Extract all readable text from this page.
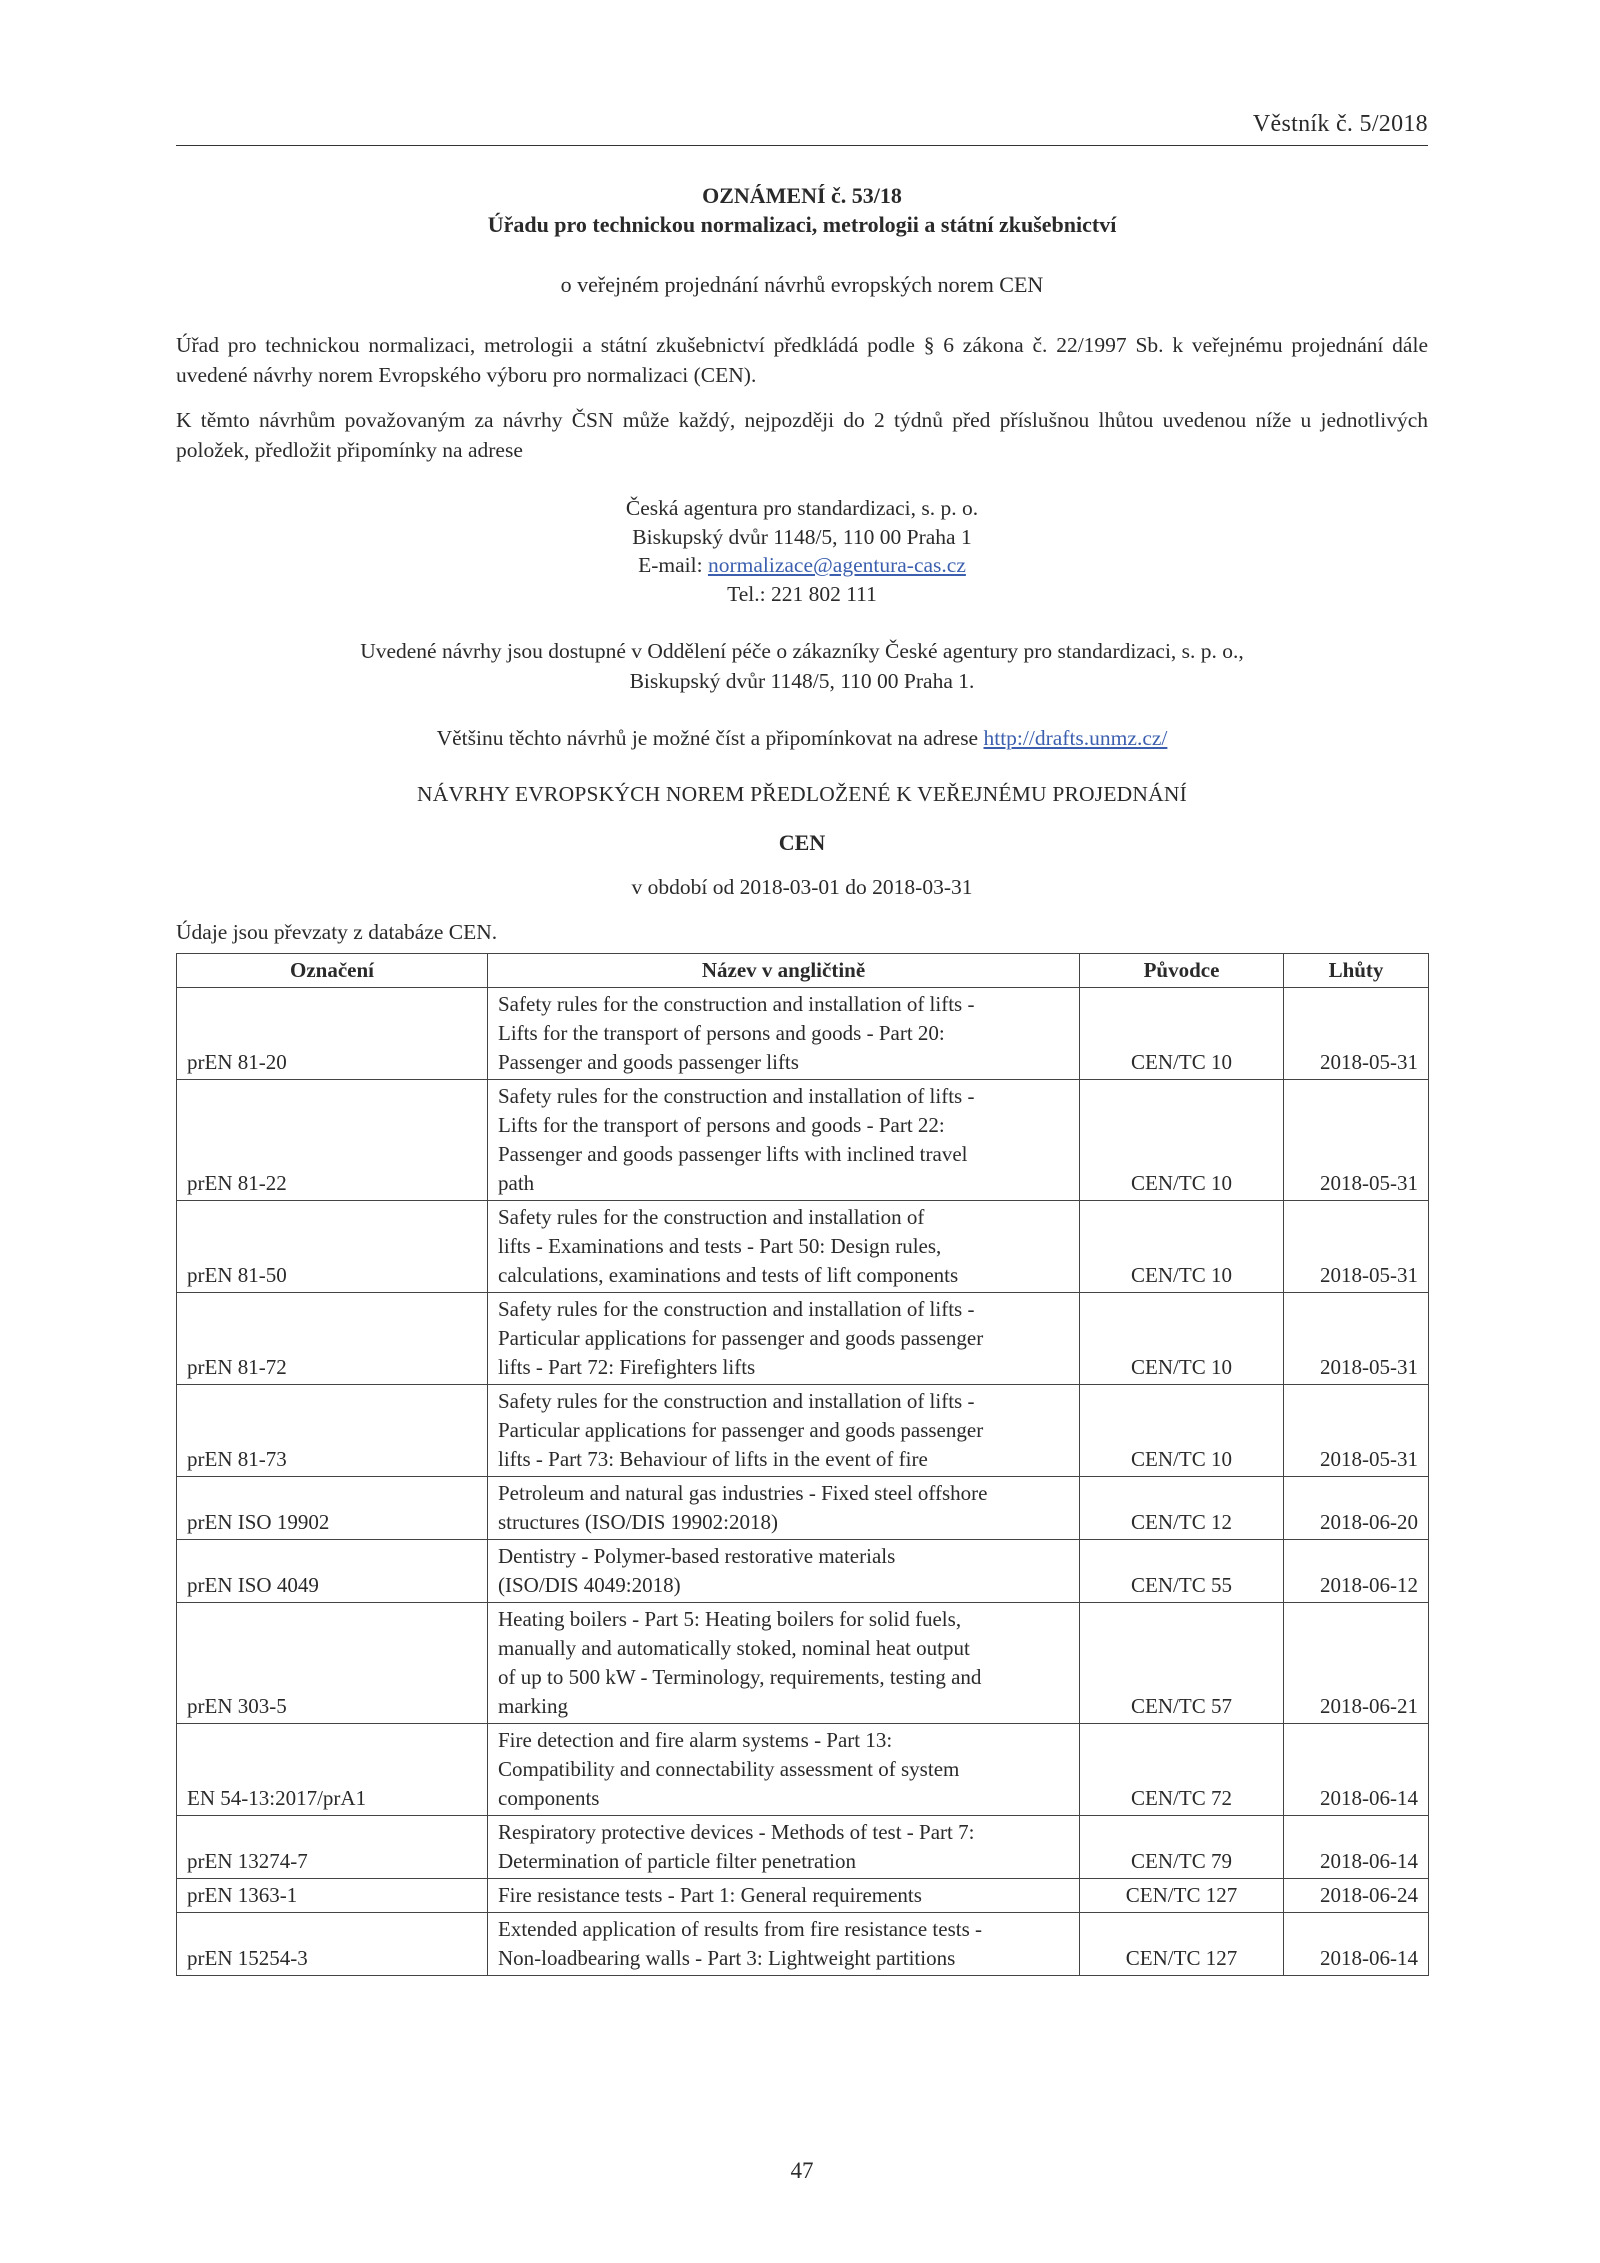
Věstník č. 5/2018
OZNÁMENÍ č. 53/18
Úřadu pro technickou normalizaci, metrologii a státní zkušebnictví
o veřejném projednání návrhů evropských norem CEN
Úřad pro technickou normalizaci, metrologii a státní zkušebnictví předkládá podle § 6 zákona č. 22/1997 Sb. k veřejnému projednání dále uvedené návrhy norem Evropského výboru pro normalizaci (CEN).
K těmto návrhům považovaným za návrhy ČSN může každý, nejpozději do 2 týdnů před příslušnou lhůtou uvedenou níže u jednotlivých položek, předložit připomínky na adrese
Česká agentura pro standardizaci, s. p. o.
Biskupský dvůr 1148/5, 110 00 Praha 1
E-mail: normalizace@agentura-cas.cz
Tel.: 221 802 111
Uvedené návrhy jsou dostupné v Oddělení péče o zákazníky České agentury pro standardizaci, s. p. o.,
Biskupský dvůr 1148/5, 110 00 Praha 1.
Většinu těchto návrhů je možné číst a připomínkovat na adrese http://drafts.unmz.cz/
NÁVRHY EVROPSKÝCH NOREM PŘEDLOŽENÉ K VEŘEJNÉMU PROJEDNÁNÍ
CEN
v období od 2018-03-01 do 2018-03-31
Údaje jsou převzaty z databáze CEN.
Označení	Název v angličtině	Původce	Lhůty
prEN 81-20	Safety rules for the construction and installation of lifts -
Lifts for the transport of persons and goods - Part 20:
Passenger and goods passenger lifts	CEN/TC 10	2018-05-31
prEN 81-22	Safety rules for the construction and installation of lifts -
Lifts for the transport of persons and goods - Part 22:
Passenger and goods passenger lifts with inclined travel
path	CEN/TC 10	2018-05-31
prEN 81-50	Safety rules for the construction and installation of
lifts - Examinations and tests - Part 50: Design rules,
calculations, examinations and tests of lift components	CEN/TC 10	2018-05-31
prEN 81-72	Safety rules for the construction and installation of lifts -
Particular applications for passenger and goods passenger
lifts - Part 72: Firefighters lifts	CEN/TC 10	2018-05-31
prEN 81-73	Safety rules for the construction and installation of lifts -
Particular applications for passenger and goods passenger
lifts - Part 73: Behaviour of lifts in the event of fire	CEN/TC 10	2018-05-31
prEN ISO 19902	Petroleum and natural gas industries - Fixed steel offshore
structures (ISO/DIS 19902:2018)	CEN/TC 12	2018-06-20
prEN ISO 4049	Dentistry - Polymer-based restorative materials
(ISO/DIS 4049:2018)	CEN/TC 55	2018-06-12
prEN 303-5	Heating boilers - Part 5: Heating boilers for solid fuels,
manually and automatically stoked, nominal heat output
of up to 500 kW - Terminology, requirements, testing and
marking	CEN/TC 57	2018-06-21
EN 54-13:2017/prA1	Fire detection and fire alarm systems - Part 13:
Compatibility and connectability assessment of system
components	CEN/TC 72	2018-06-14
prEN 13274-7	Respiratory protective devices - Methods of test - Part 7:
Determination of particle filter penetration	CEN/TC 79	2018-06-14
prEN 1363-1	Fire resistance tests - Part 1: General requirements	CEN/TC 127	2018-06-24
prEN 15254-3	Extended application of results from fire resistance tests -
Non-loadbearing walls - Part 3: Lightweight partitions	CEN/TC 127	2018-06-14
47
